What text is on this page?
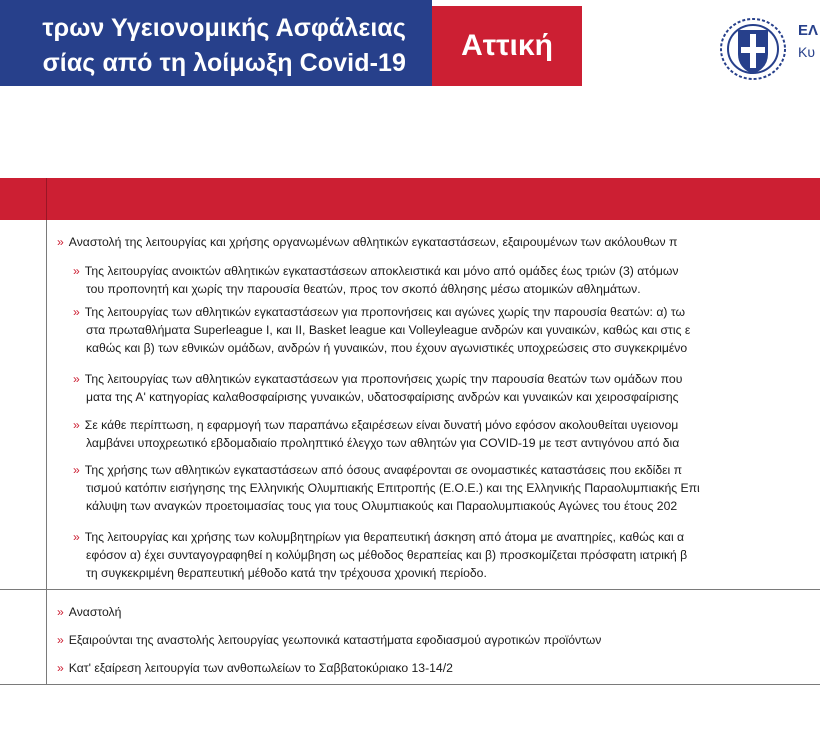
τρων Υγειονομικής Ασφάλειας
σίας από τη λοίμωξη Covid-19
Αττική	ΕΛ
Κυ
» Αναστολή της λειτουργίας και χρήσης οργανωμένων αθλητικών εγκαταστάσεων, εξαιρουμένων των ακόλουθων π
» Της λειτουργίας ανοικτών αθλητικών εγκαταστάσεων αποκλειστικά και μόνο από ομάδες έως τριών (3) ατόμων
του προπονητή και χωρίς την παρουσία θεατών, προς τον σκοπό άθλησης μέσω ατομικών αθλημάτων.
» Της λειτουργίας των αθλητικών εγκαταστάσεων για προπονήσεις και αγώνες χωρίς την παρουσία θεατών: α) τω
στα πρωταθλήματα Superleague I, και II, Basket league και Volleyleague ανδρών και γυναικών, καθώς και στις ε
καθώς και β) των εθνικών ομάδων, ανδρών ή γυναικών, που έχουν αγωνιστικές υποχρεώσεις στο συγκεκριμένο
» Της λειτουργίας των αθλητικών εγκαταστάσεων για προπονήσεις χωρίς την παρουσία θεατών των ομάδων που
ματα της Α' κατηγορίας καλαθοσφαίρισης γυναικών, υδατοσφαίρισης ανδρών και γυναικών και χειροσφαίρισης
» Σε κάθε περίπτωση, η εφαρμογή των παραπάνω εξαιρέσεων είναι δυνατή μόνο εφόσον ακολουθείται υγειονομ
λαμβάνει υποχρεωτικό εβδομαδιαίο προληπτικό έλεγχο των αθλητών για COVID-19 με τεστ αντιγόνου από δια
» Της χρήσης των αθλητικών εγκαταστάσεων από όσους αναφέρονται σε ονομαστικές καταστάσεις που εκδίδει π
τισμού κατόπιν εισήγησης της Ελληνικής Ολυμπιακής Επιτροπής (Ε.Ο.Ε.) και της Ελληνικής Παραολυμπιακής Επι
κάλυψη των αναγκών προετοιμασίας τους για τους Ολυμπιακούς και Παραολυμπιακούς Αγώνες του έτους 202
» Της λειτουργίας και χρήσης των κολυμβητηρίων για θεραπευτική άσκηση από άτομα με αναπηρίες, καθώς και α
εφόσον α) έχει συνταγογραφηθεί η κολύμβηση ως μέθοδος θεραπείας και β) προσκομίζεται πρόσφατη ιατρική β
τη συγκεκριμένη θεραπευτική μέθοδο κατά την τρέχουσα χρονική περίοδο.
» Αναστολή
» Εξαιρούνται της αναστολής λειτουργίας γεωπονικά καταστήματα εφοδιασμού αγροτικών προϊόντων
» Κατ' εξαίρεση λειτουργία των ανθοπωλείων το Σαββατοκύριακο 13-14/2
